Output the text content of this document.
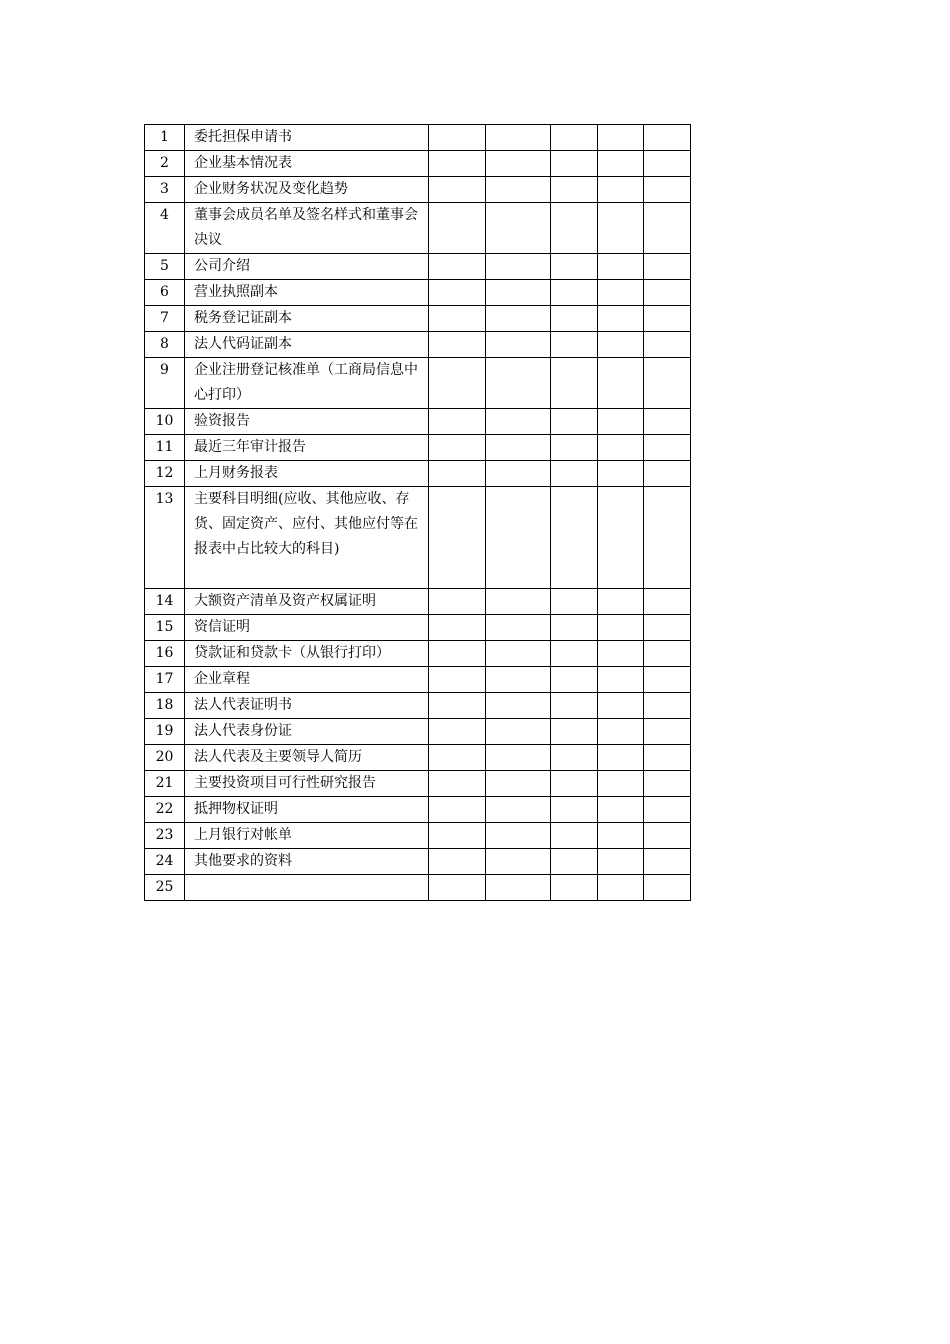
1	委托担保申请书					
2	企业基本情况表					
3	企业财务状况及变化趋势					
4	董事会成员名单及签名样式和董事会决议					
5	公司介绍					
6	营业执照副本					
7	税务登记证副本					
8	法人代码证副本					
9	企业注册登记核准单（工商局信息中心打印）					
10	验资报告					
11	最近三年审计报告					
12	上月财务报表					
13	主要科目明细(应收、其他应收、存货、固定资产、应付、其他应付等在报表中占比较大的科目)					
14	大额资产清单及资产权属证明					
15	资信证明					
16	贷款证和贷款卡（从银行打印）					
17	企业章程					
18	法人代表证明书					
19	法人代表身份证					
20	法人代表及主要领导人简历					
21	主要投资项目可行性研究报告					
22	抵押物权证明					
23	上月银行对帐单					
24	其他要求的资料					
25						
